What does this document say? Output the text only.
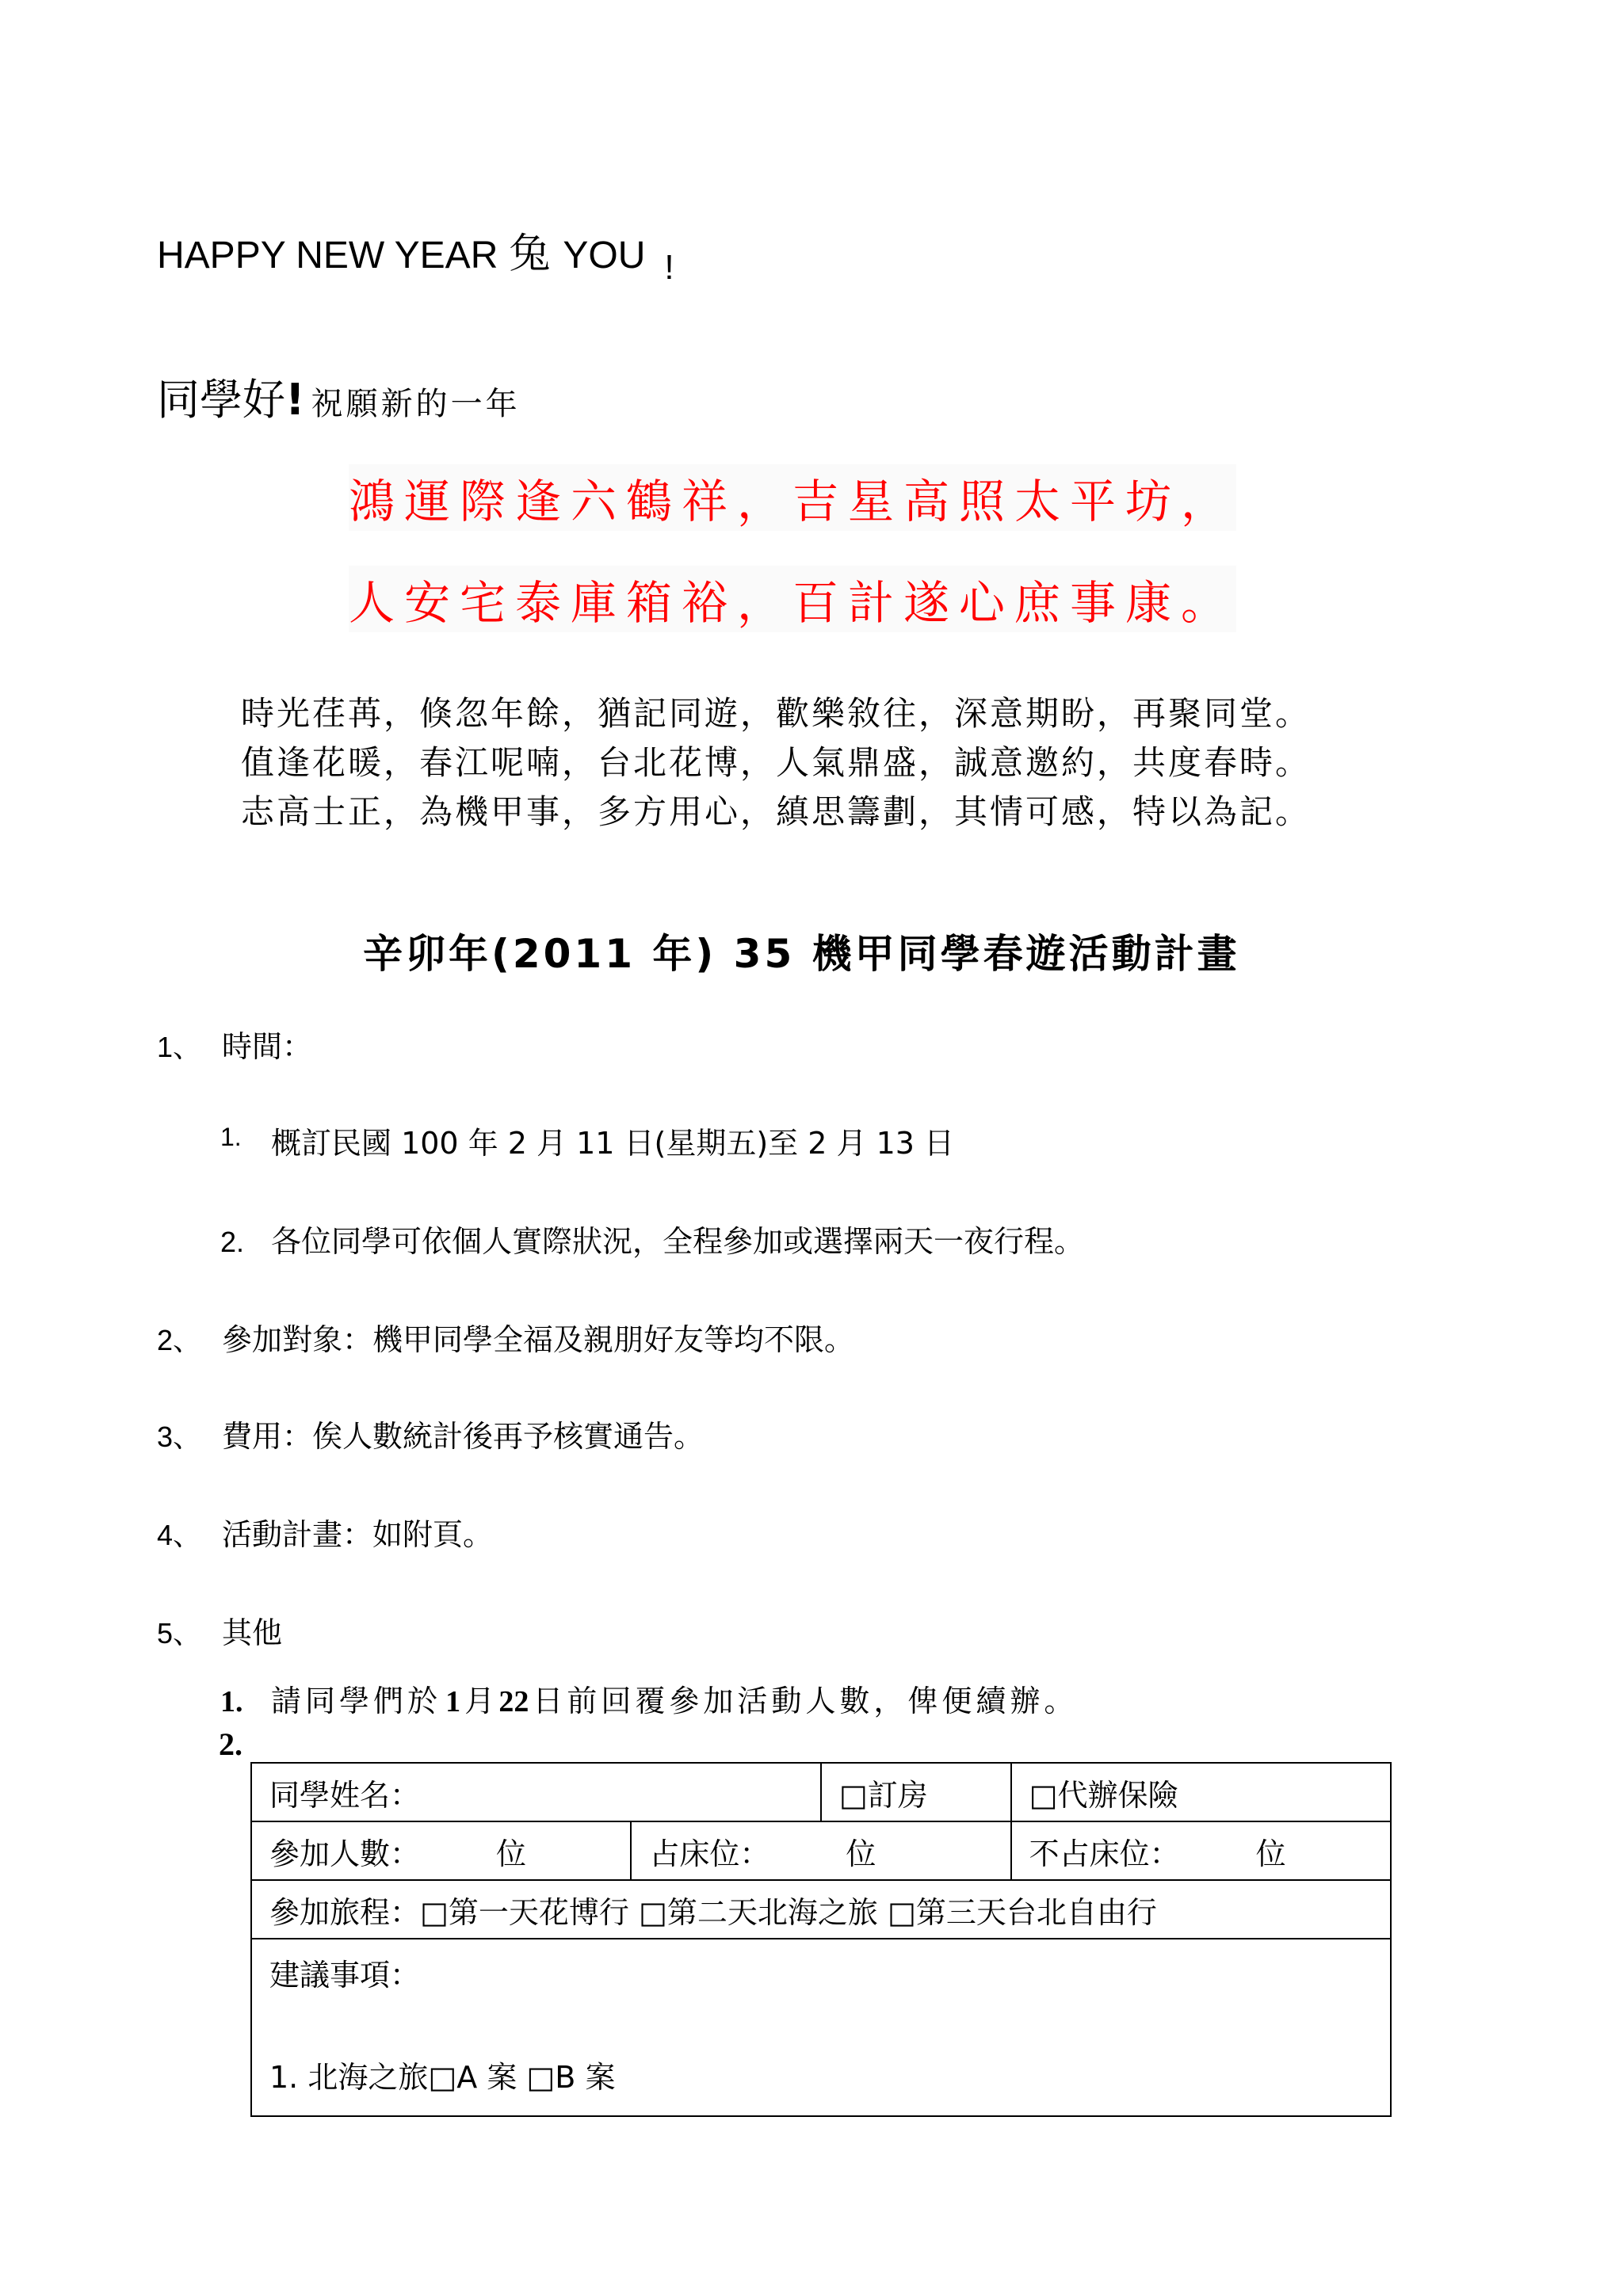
HAPPY NEW YEAR 兔 YOU !
同學好! 祝願新的一年
鴻運際逢六鶴祥，吉星高照太平坊，
人安宅泰庫箱裕，百計遂心庶事康。
時光荏苒，倏忽年餘，猶記同遊，歡樂敘往，深意期盼，再聚同堂。
值逢花暖，春江呢喃，台北花博，人氣鼎盛，誠意邀約，共度春時。
志高士正，為機甲事，多方用心，縝思籌劃，其情可感，特以為記。
辛卯年(2011 年) 35 機甲同學春遊活動計畫
1、 時間：
1. 概訂民國 100 年 2 月 11 日(星期五)至 2 月 13 日
2. 各位同學可依個人實際狀況，全程參加或選擇兩天一夜行程。
2、 參加對象：機甲同學全福及親朋好友等均不限。
3、 費用：俟人數統計後再予核實通告。
4、 活動計畫：如附頁。
5、 其他
1. 請同學們於 1 月 22 日前回覆參加活動人數，俾便續辦。
2.
同學姓名：		□訂房	□代辦保險
參加人數： 位	占床位： 位		不占床位： 位
參加旅程：□第一天花博行 □第二天北海之旅 □第三天台北自由行			
建議事項：
1. 北海之旅□A 案 □B 案			
